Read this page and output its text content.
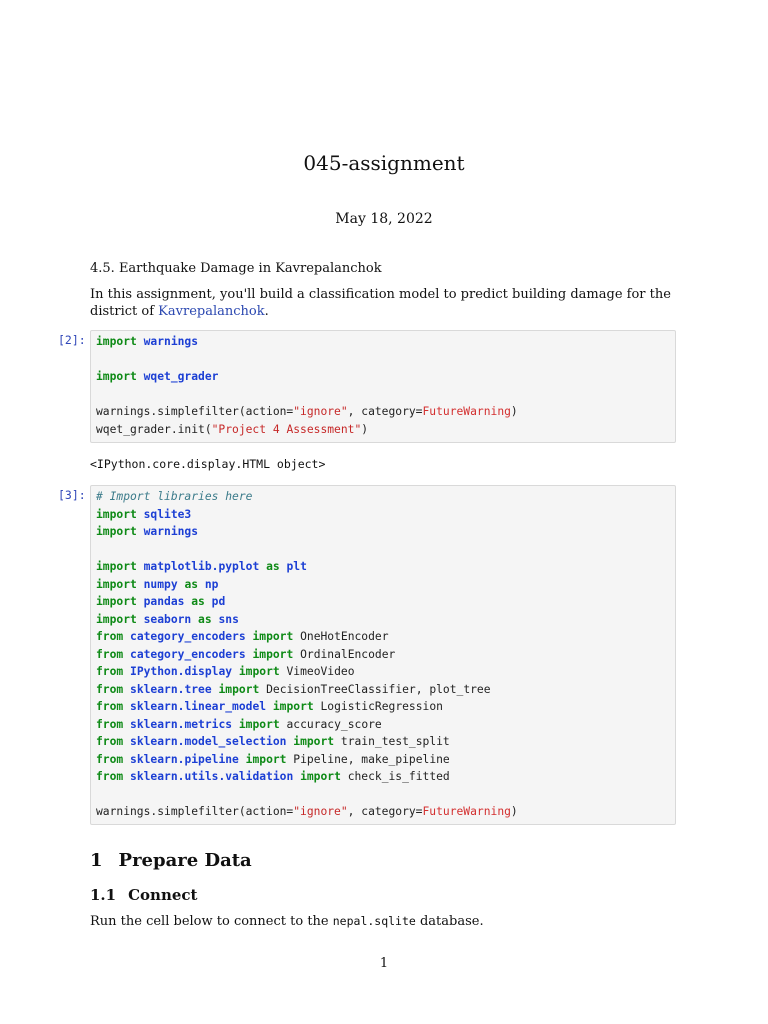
045-assignment
May 18, 2022
4.5. Earthquake Damage in Kavrepalanchok
In this assignment, you'll build a classification model to predict building damage for the district of Kavrepalanchok.
[2]: import warnings
import wqet_grader
warnings.simplefilter(action="ignore", category=FutureWarning)
wqet_grader.init("Project 4 Assessment")
<IPython.core.display.HTML object>
[3]: # Import libraries here
import sqlite3
import warnings
import matplotlib.pyplot as plt
import numpy as np
import pandas as pd
import seaborn as sns
from category_encoders import OneHotEncoder
from category_encoders import OrdinalEncoder
from IPython.display import VimeoVideo
from sklearn.tree import DecisionTreeClassifier, plot_tree
from sklearn.linear_model import LogisticRegression
from sklearn.metrics import accuracy_score
from sklearn.model_selection import train_test_split
from sklearn.pipeline import Pipeline, make_pipeline
from sklearn.utils.validation import check_is_fitted
warnings.simplefilter(action="ignore", category=FutureWarning)
1 Prepare Data
1.1 Connect
Run the cell below to connect to the nepal.sqlite database.
1
